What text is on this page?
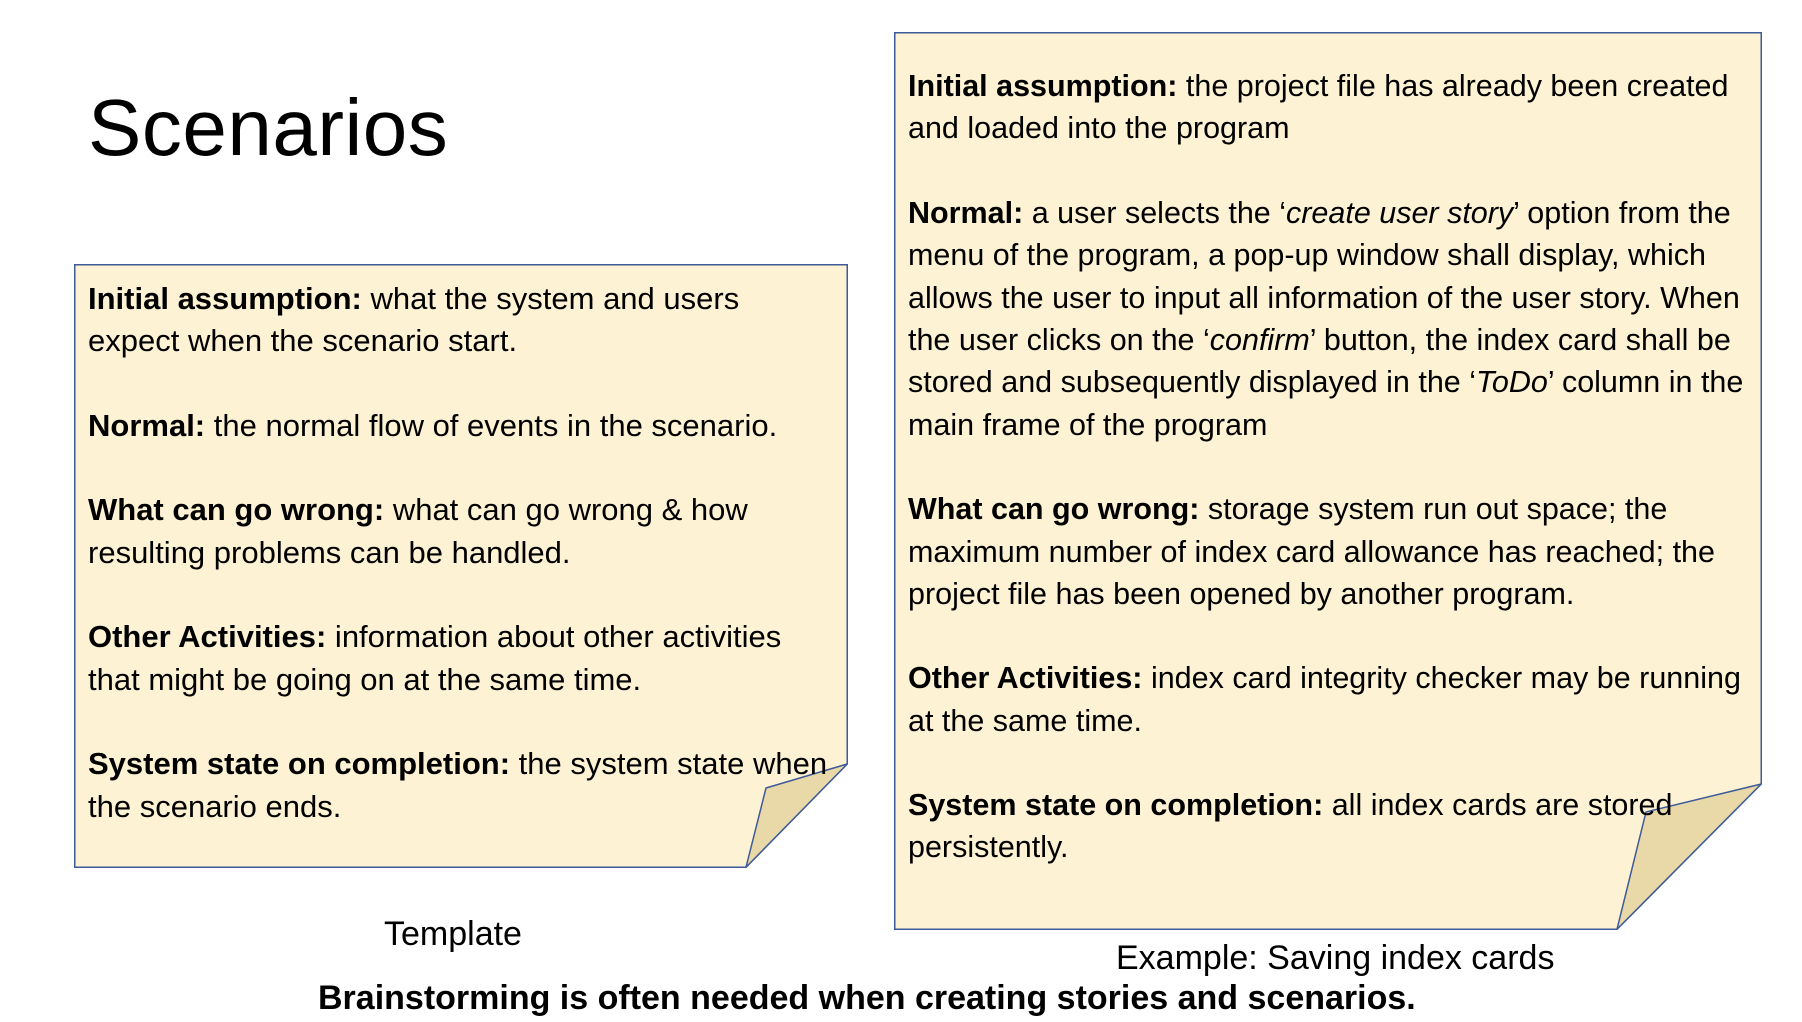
Scenarios

Initial assumption: what the system and users expect when the scenario start.

Normal: the normal flow of events in the scenario.

What can go wrong: what can go wrong & how resulting problems can be handled.

Other Activities: information about other activities that might be going on at the same time.

System state on completion: the system state when the scenario ends.

Template

Initial assumption: the project file has already been created and loaded into the program

Normal: a user selects the ‘create user story’ option from the menu of the program, a pop-up window shall display, which allows the user to input all information of the user story. When the user clicks on the ‘confirm’ button, the index card shall be stored and subsequently displayed in the ‘ToDo’ column in the main frame of the program

What can go wrong: storage system run out space; the maximum number of index card allowance has reached; the project file has been opened by another program.

Other Activities: index card integrity checker may be running at the same time.

System state on completion: all index cards are stored persistently.

Example: Saving index cards

Brainstorming is often needed when creating stories and scenarios.
